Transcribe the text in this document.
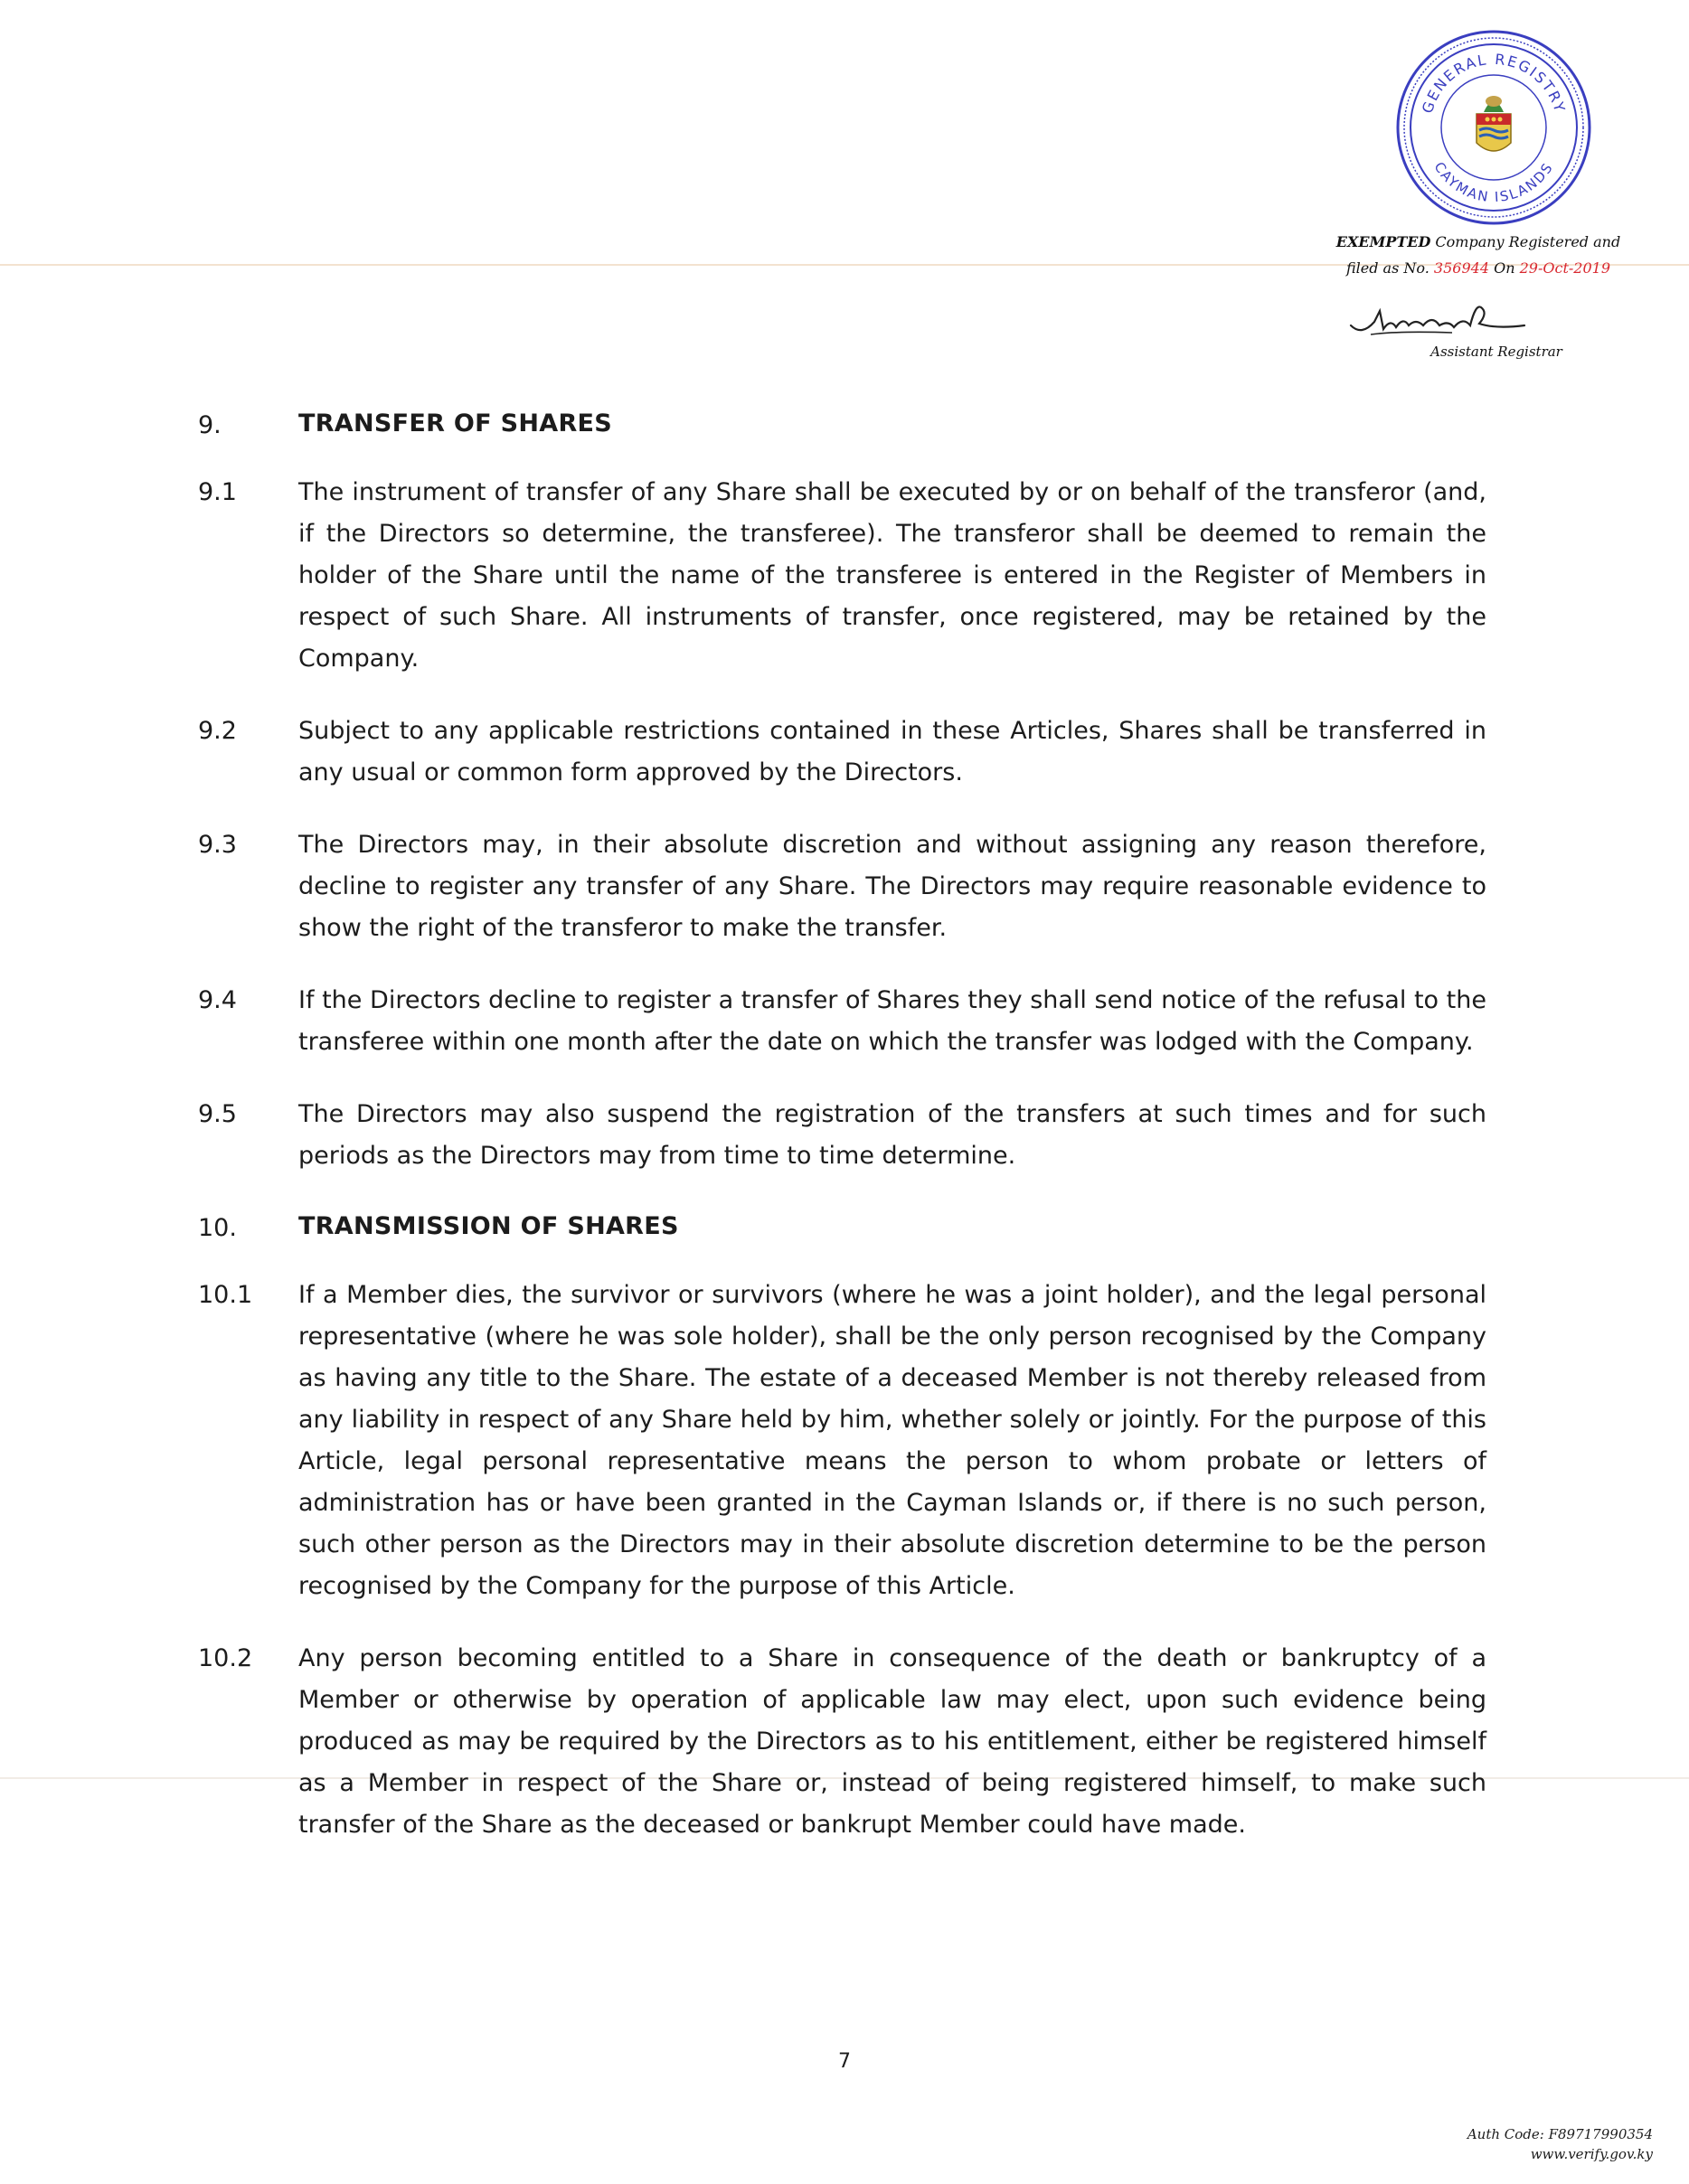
GENERAL REGISTRY
CAYMAN ISLANDS
EXEMPTED Company Registered and
filed as No. 356944 On 29-Oct-2019
Assistant Registrar
9.	TRANSFER OF SHARES
9.1	The instrument of transfer of any Share shall be executed by or on behalf of the transferor (and, if the Directors so determine, the transferee). The transferor shall be deemed to remain the holder of the Share until the name of the transferee is entered in the Register of Members in respect of such Share. All instruments of transfer, once registered, may be retained by the Company.
9.2	Subject to any applicable restrictions contained in these Articles, Shares shall be transferred in any usual or common form approved by the Directors.
9.3	The Directors may, in their absolute discretion and without assigning any reason therefore, decline to register any transfer of any Share. The Directors may require reasonable evidence to show the right of the transferor to make the transfer.
9.4	If the Directors decline to register a transfer of Shares they shall send notice of the refusal to the transferee within one month after the date on which the transfer was lodged with the Company.
9.5	The Directors may also suspend the registration of the transfers at such times and for such periods as the Directors may from time to time determine.
10.	TRANSMISSION OF SHARES
10.1	If a Member dies, the survivor or survivors (where he was a joint holder), and the legal personal representative (where he was sole holder), shall be the only person recognised by the Company as having any title to the Share. The estate of a deceased Member is not thereby released from any liability in respect of any Share held by him, whether solely or jointly. For the purpose of this Article, legal personal representative means the person to whom probate or letters of administration has or have been granted in the Cayman Islands or, if there is no such person, such other person as the Directors may in their absolute discretion determine to be the person recognised by the Company for the purpose of this Article.
10.2	Any person becoming entitled to a Share in consequence of the death or bankruptcy of a Member or otherwise by operation of applicable law may elect, upon such evidence being produced as may be required by the Directors as to his entitlement, either be registered himself as a Member in respect of the Share or, instead of being registered himself, to make such transfer of the Share as the deceased or bankrupt Member could have made.
7
Auth Code: F89717990354
www.verify.gov.ky
